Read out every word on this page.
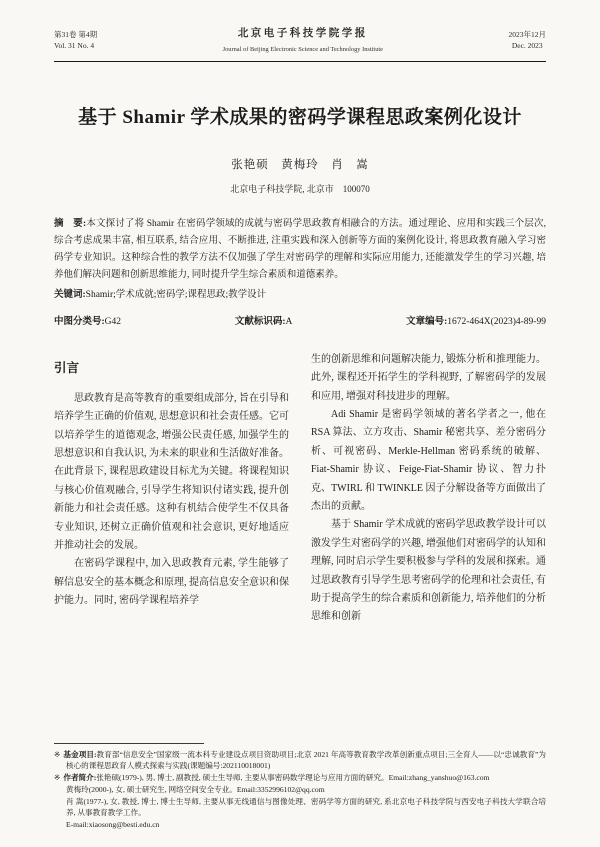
第31卷 第4期
Vol. 31 No. 4
北京电子科技学院学报
Journal of Beijing Electronic Science and Technology Institute
2023年12月
Dec. 2023
基于 Shamir 学术成果的密码学课程思政案例化设计
张艳硕　黄梅玲　肖　嵩
北京电子科技学院, 北京市　100070
摘　要:本文探讨了将 Shamir 在密码学领域的成就与密码学思政教育相融合的方法。通过理论、应用和实践三个层次, 综合考虑成果丰富, 相互联系, 结合应用、不断推进, 注重实践和深入创新等方面的案例化设计, 将思政教育融入学习密码学专业知识。这种综合性的教学方法不仅加强了学生对密码学的理解和实际应用能力, 还能激发学生的学习兴趣, 培养他们解决问题和创新思维能力, 同时提升学生综合素质和道德素养。
关键词:Shamir;学术成就;密码学;课程思政;教学设计
中图分类号:G42	文献标识码:A	文章编号:1672-464X(2023)4-89-99
引言

思政教育是高等教育的重要组成部分, 旨在引导和培养学生正确的价值观, 思想意识和社会责任感。它可以培养学生的道德观念, 增强公民责任感, 加强学生的思想意识和自我认识, 为未来的职业和生活做好准备。在此背景下, 课程思政建设目标尤为关键。将课程知识与核心价值观融合, 引导学生将知识付诸实践, 提升创新能力和社会责任感。这种有机结合使学生不仅具备专业知识, 还树立正确价值观和社会意识, 更好地适应并推动社会的发展。

在密码学课程中, 加入思政教育元素, 学生能够了解信息安全的基本概念和原理, 提高信息安全意识和保护能力。同时, 密码学课程培养学

生的创新思维和问题解决能力, 锻炼分析和推理能力。此外, 课程还开拓学生的学科视野, 了解密码学的发展和应用, 增强对科技进步的理解。

Adi Shamir 是密码学领域的著名学者之一, 他在 RSA 算法、立方攻击、Shamir 秘密共享、差分密码分析、可视密码、Merkle-Hellman 密码系统的破解、Fiat-Shamir 协议、Feige-Fiat-Shamir 协议、智力扑克、TWIRL 和 TWINKLE 因子分解设备等方面做出了杰出的贡献。

基于 Shamir 学术成就的密码学思政教学设计可以激发学生对密码学的兴趣, 增强他们对密码学的认知和理解, 同时启示学生要积极参与学科的发展和探索。通过思政教育引导学生思考密码学的伦理和社会责任, 有助于提高学生的综合素质和创新能力, 培养他们的分析思维和创新

※ 基金项目:教育部“信息安全”国家级一流本科专业建设点项目资助项目;北京 2021 年高等教育教学改革创新重点项目;三全育人——以“忠诚教育”为核心的课程思政育人模式探索与实践(课题编号:202110018001)
※ 作者简介:张艳硕(1979-), 男, 博士, 副教授, 硕士生导师, 主要从事密码数学理论与应用方面的研究。Email:zhang_yanshuo@163.com
黄梅玲(2000-), 女, 硕士研究生, 网络空间安全专业。Email:3352996102@qq.com
肖 嵩(1977-), 女, 教授, 博士, 博士生导师, 主要从事无线通信与图像处理、密码学等方面的研究, 系北京电子科技学院与西安电子科技大学联合培养, 从事教育教学工作。
E-mail:xiaosong@besti.edu.cn
